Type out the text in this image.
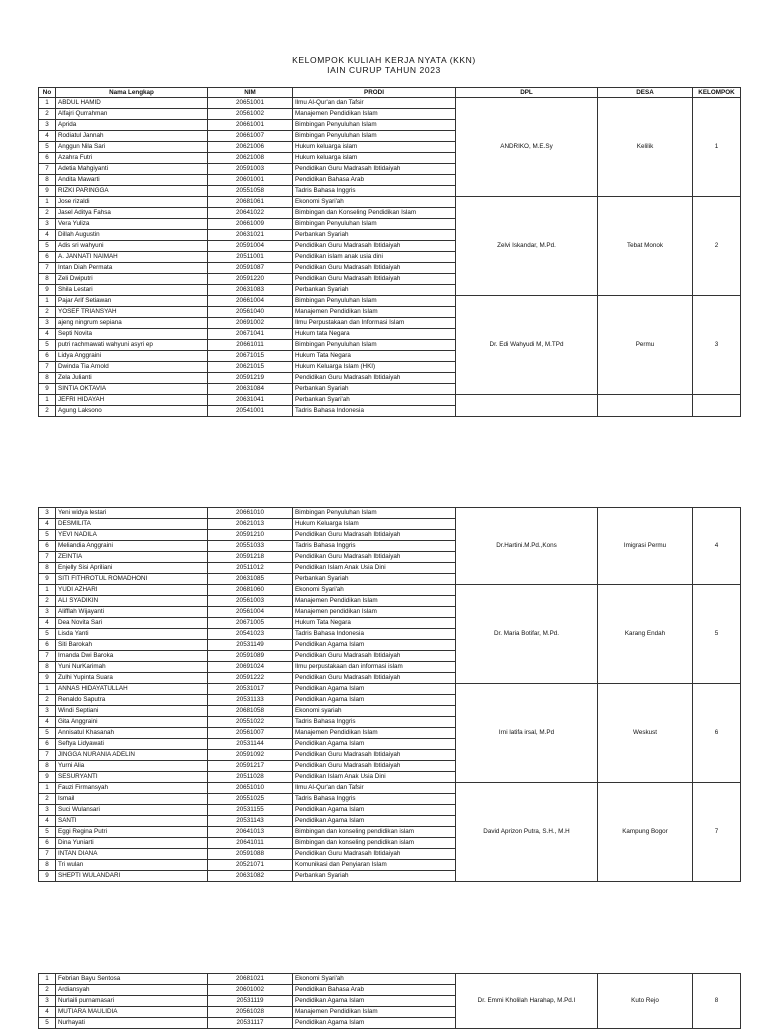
KELOMPOK KULIAH KERJA NYATA (KKN)
IAIN CURUP TAHUN 2023
No	Nama Lengkap	NIM	PRODI	DPL	DESA	KELOMPOK
1	ABDUL HAMID	20651001	Ilmu Al-Qur'an dan Tafsir	ANDRIKO, M.E.Sy	Kelilik	1
2	Alfajri Qurrahman	20561002	Manajemen Pendidikan Islam			
3	Aprida	20661001	Bimbingan Penyuluhan Islam			
4	Rodiatul Jannah	20661007	Bimbingan Penyuluhan Islam			
5	Anggun Nila Sari	20621006	Hukum keluarga islam			
6	Azahra Futri	20621008	Hukum keluarga islam			
7	Adetia Mahgiyanti	20591003	Pendidikan Guru Madrasah Ibtidaiyah			
8	Andita Mawarti	20601001	Pendidikan Bahasa Arab			
9	RIZKI PARINGGA	20551058	Tadris Bahasa Inggris			
1	Jose rizaldi	20681061	Ekonomi Syari'ah	Zelvi Iskandar, M.Pd.	Tebat Monok	2
2	Jasel Aditya Fahsa	20641022	Bimbingan dan Konseling Pendidikan Islam			
3	Vera Yuliza	20661009	Bimbingan Penyuluhan Islam			
4	Dillah Augustin	20631021	Perbankan Syariah			
5	Adis sri wahyuni	20591004	Pendidikan Guru Madrasah Ibtidaiyah			
6	A. JANNATI NAIMAH	20511001	Pendidikan islam anak usia dini			
7	Intan Diah Permata	20591087	Pendidikan Guru Madrasah Ibtidaiyah			
8	Zeli Dwiputri	20591220	Pendidikan Guru Madrasah Ibtidaiyah			
9	Shila Lestari	20631083	Perbankan Syariah			
1	Pajar Arif Setiawan	20661004	Bimbingan Penyuluhan Islam	Dr. Edi Wahyudi M, M.TPd	Permu	3
2	YOSEF TRIANSYAH	20561040	Manajemen Pendidikan Islam			
3	ajeng ningrum sepiana	20691002	Ilmu Perpustakaan dan Informasi Islam			
4	Septi Novita	20671041	Hukum tata Negara			
5	putri rachmawati wahyuni asyri ep	20661011	Bimbingan Penyuluhan Islam			
6	Lidya Anggraini	20671015	Hukum Tata Negara			
7	Dwinda Tia Arnold	20621015	Hukum Keluarga Islam (HKI)			
8	Zela Julianti	20591219	Pendidikan Guru Madrasah Ibtidaiyah			
9	SINTIA OKTAVIA	20631084	Perbankan Syariah			
1	JEFRI HIDAYAH	20631041	Perbankan Syari'ah			
2	Agung Laksono	20541001	Tadris Bahasa Indonesia			
3	Yeni widya lestari	20661010	Bimbingan Penyuluhan Islam	Dr.Hartini.M.Pd.,Kons	Imigrasi Permu	4
4	DESMILITA	20621013	Hukum Keluarga Islam			
5	YEVI NADILA	20591210	Pendidikan Guru Madrasah Ibtidaiyah			
6	Meliandia Anggraini	20551033	Tadris Bahasa Inggris			
7	ZEINTIA	20591218	Pendidikan Guru Madrasah Ibtidaiyah			
8	Enjelly Sisi Apriliani	20511012	Pendidikan Islam Anak Usia Dini			
9	SITI FITHROTUL ROMADHONI	20631085	Perbankan Syariah			
1	YUDI AZHARI	20681060	Ekonomi Syari'ah	Dr. Maria Botifar, M.Pd.	Karang Endah	5
2	ALI SYADIKIN	20561003	Manajemen Pendidikan Islam			
3	Alifflah Wijayanti	20561004	Manajemen pendidikan Islam			
4	Dea Novita Sari	20671005	Hukum Tata Negara			
5	Lisda Yanti	20541023	Tadris Bahasa Indonesia			
6	Siti Barokah	20531149	Pendidikan Agama Islam			
7	Irnanda Dwi Baroka	20591089	Pendidikan Guru Madrasah Ibtidaiyah			
8	Yuni NurKarimah	20691024	Ilmu perpustakaan dan informasi islam			
9	Zulhi Yupinta Suara	20591222	Pendidikan Guru Madrasah Ibtidaiyah			
1	ANNAS HIDAYATULLAH	20531017	Pendidikan Agama Islam	Irni latifa irsal, M.Pd	Weskust	6
2	Renaldo Saputra	20531133	Pendidikan Agama Islam			
3	Windi Septiani	20681058	Ekonomi syariah			
4	Gita Anggraini	20551022	Tadris Bahasa Inggris			
5	Annisatul Khasanah	20561007	Manajemen Pendidikan Islam			
6	Seftya Lidyawati	20531144	Pendidikan Agama Islam			
7	JINGGA NURANIA ADELIN	20591092	Pendidikan Guru Madrasah Ibtidaiyah			
8	Yurni Alia	20591217	Pendidikan Guru Madrasah Ibtidaiyah			
9	SESURYANTI	20511028	Pendidikan Islam Anak Usia Dini			
1	Fauzi Firmansyah	20651010	Ilmu Al-Qur'an dan Tafsir	David Aprizon Putra, S.H., M.H	Kampung Bogor	7
2	Ismail	20551025	Tadris Bahasa Inggris			
3	Suci Wulansari	20531155	Pendidikan Agama Islam			
4	SANTI	20531143	Pendidikan Agama Islam			
5	Eggi Regina Putri	20641013	Bimbingan dan konseling pendidikan islam			
6	Dina Yuniarti	20641011	Bimbingan dan konseling pendidikan islam			
7	INTAN DIANA	20591088	Pendidikan Guru Madrasah Ibtidaiyah			
8	Tri wulan	20521071	Komunikasi dan Penyiaran Islam			
9	SHEPTI WULANDARI	20631082	Perbankan Syariah			
1	Febrian Bayu Sentosa	20681021	Ekonomi Syari'ah	Dr. Emmi Kholilah Harahap, M.Pd.I	Kuto Rejo	8
2	Ardiansyah	20601002	Pendidikan Bahasa Arab			
3	Nurlaili purnamasari	20531119	Pendidikan Agama Islam			
4	MUTIARA MAULIDIA	20561028	Manajemen Pendidikan Islam			
5	Nurhayati	20531117	Pendidikan Agama Islam			
